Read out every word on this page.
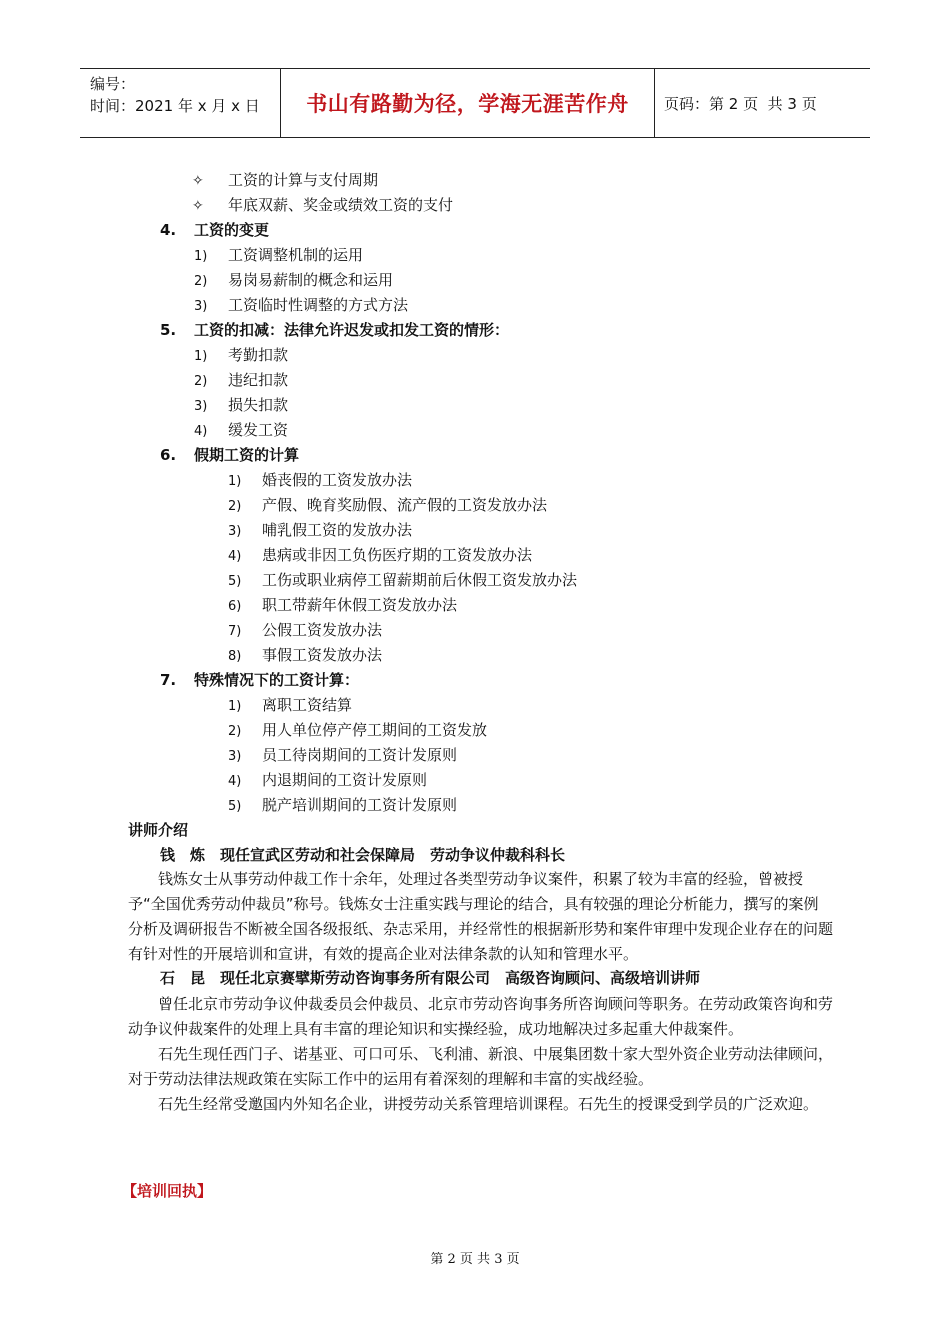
编号：
时间：2021 年 x 月 x 日	书山有路勤为径，学海无涯苦作舟	页码：第 2 页  共 3 页
✧ 工资的计算与支付周期
✧ 年底双薪、奖金或绩效工资的支付
4. 工资的变更
1) 工资调整机制的运用
2) 易岗易薪制的概念和运用
3) 工资临时性调整的方式方法
5. 工资的扣减：法律允许迟发或扣发工资的情形：
1) 考勤扣款
2) 违纪扣款
3) 损失扣款
4) 缓发工资
6. 假期工资的计算
1) 婚丧假的工资发放办法
2) 产假、晚育奖励假、流产假的工资发放办法
3) 哺乳假工资的发放办法
4) 患病或非因工负伤医疗期的工资发放办法
5) 工伤或职业病停工留薪期前后休假工资发放办法
6) 职工带薪年休假工资发放办法
7) 公假工资发放办法
8) 事假工资发放办法
7. 特殊情况下的工资计算：
1) 离职工资结算
2) 用人单位停产停工期间的工资发放
3) 员工待岗期间的工资计发原则
4) 内退期间的工资计发原则
5) 脱产培训期间的工资计发原则
讲师介绍
钱　炼　现任宣武区劳动和社会保障局　劳动争议仲裁科科长
钱炼女士从事劳动仲裁工作十余年，处理过各类型劳动争议案件，积累了较为丰富的经验，曾被授予“全国优秀劳动仲裁员”称号。钱炼女士注重实践与理论的结合，具有较强的理论分析能力，撰写的案例分析及调研报告不断被全国各级报纸、杂志采用，并经常性的根据新形势和案件审理中发现企业存在的问题有针对性的开展培训和宣讲，有效的提高企业对法律条款的认知和管理水平。
石　昆　现任北京赛擘斯劳动咨询事务所有限公司　高级咨询顾问、高级培训讲师
曾任北京市劳动争议仲裁委员会仲裁员、北京市劳动咨询事务所咨询顾问等职务。在劳动政策咨询和劳动争议仲裁案件的处理上具有丰富的理论知识和实操经验，成功地解决过多起重大仲裁案件。
石先生现任西门子、诺基亚、可口可乐、飞利浦、新浪、中展集团数十家大型外资企业劳动法律顾问，对于劳动法律法规政策在实际工作中的运用有着深刻的理解和丰富的实战经验。
石先生经常受邀国内外知名企业，讲授劳动关系管理培训课程。石先生的授课受到学员的广泛欢迎。
【培训回执】
第 2 页 共 3 页
